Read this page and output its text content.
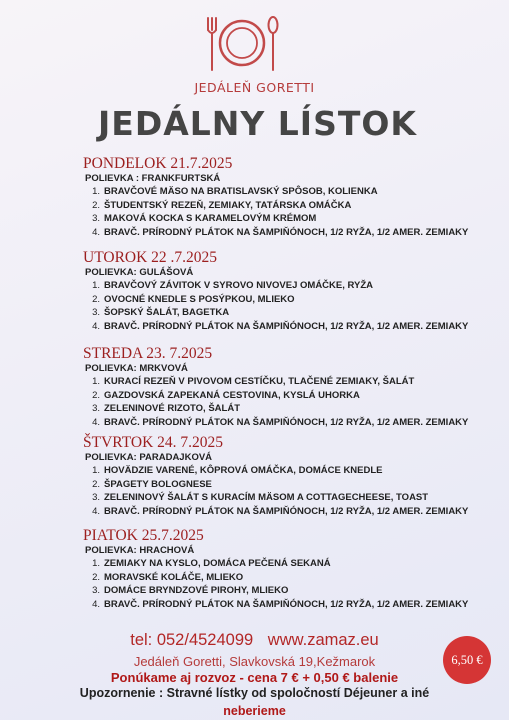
JEDÁLEŇ GORETTI
JEDÁLNY LÍSTOK
PONDELOK 21.7.2025
POLIEVKA : FRANKFURTSKÁ
1. BRAVČOVÉ MÄSO NA BRATISLAVSKÝ SPÔSOB, KOLIENKA
2. ŠTUDENTSKÝ REZEŇ, ZEMIAKY, TATÁRSKA OMÁČKA
3. MAKOVÁ KOCKA S KARAMELOVÝM KRÉMOM
4. BRAVČ. PRÍRODNÝ PLÁTOK NA ŠAMPIŇÓNOCH, 1/2 RYŽA, 1/2 AMER. ZEMIAKY
UTOROK 22 .7.2025
POLIEVKA: GULÁŠOVÁ
1. BRAVČOVÝ ZÁVITOK V SYROVO NIVOVEJ OMÁČKE, RYŽA
2. OVOCNÉ KNEDLE S POSÝPKOU, MLIEKO
3. ŠOPSKÝ ŠALÁT, BAGETKA
4. BRAVČ. PRÍRODNÝ PLÁTOK NA ŠAMPIŇÓNOCH, 1/2 RYŽA, 1/2 AMER. ZEMIAKY
STREDA 23. 7.2025
POLIEVKA: MRKVOVÁ
1. KURACÍ REZEŇ V PIVOVOM CESTÍČKU, TLAČENÉ ZEMIAKY, ŠALÁT
2. GAZDOVSKÁ ZAPEKANÁ CESTOVINA, KYSLÁ UHORKA
3. ZELENINOVÉ RIZOTO, ŠALÁT
4. BRAVČ. PRÍRODNÝ PLÁTOK NA ŠAMPIŇÓNOCH, 1/2 RYŽA, 1/2 AMER. ZEMIAKY
ŠTVRTOK 24. 7.2025
POLIEVKA: PARADAJKOVÁ
1. HOVÄDZIE VARENÉ, KÔPROVÁ OMÁČKA, DOMÁCE KNEDLE
2. ŠPAGETY BOLOGNESE
3. ZELENINOVÝ ŠALÁT S KURACÍM MÄSOM A COTTAGECHEESE, TOAST
4. BRAVČ. PRÍRODNÝ PLÁTOK NA ŠAMPIŇÓNOCH, 1/2 RYŽA, 1/2 AMER. ZEMIAKY
PIATOK 25.7.2025
POLIEVKA: HRACHOVÁ
1. ZEMIAKY NA KYSLO, DOMÁCA PEČENÁ SEKANÁ
2. MORAVSKÉ KOLÁČE, MLIEKO
3. DOMÁCE BRYNDZOVÉ PIROHY, MLIEKO
4. BRAVČ. PRÍRODNÝ PLÁTOK NA ŠAMPIŇÓNOCH, 1/2 RYŽA, 1/2 AMER. ZEMIAKY
tel: 052/4524099 www.zamaz.eu
Jedáleň Goretti, Slavkovská 19,Kežmarok
Ponúkame aj rozvoz - cena 7 € + 0,50 € balenie
Upozornenie : Stravné lístky od spoločností Déjeuner a iné
neberieme
6,50 €
